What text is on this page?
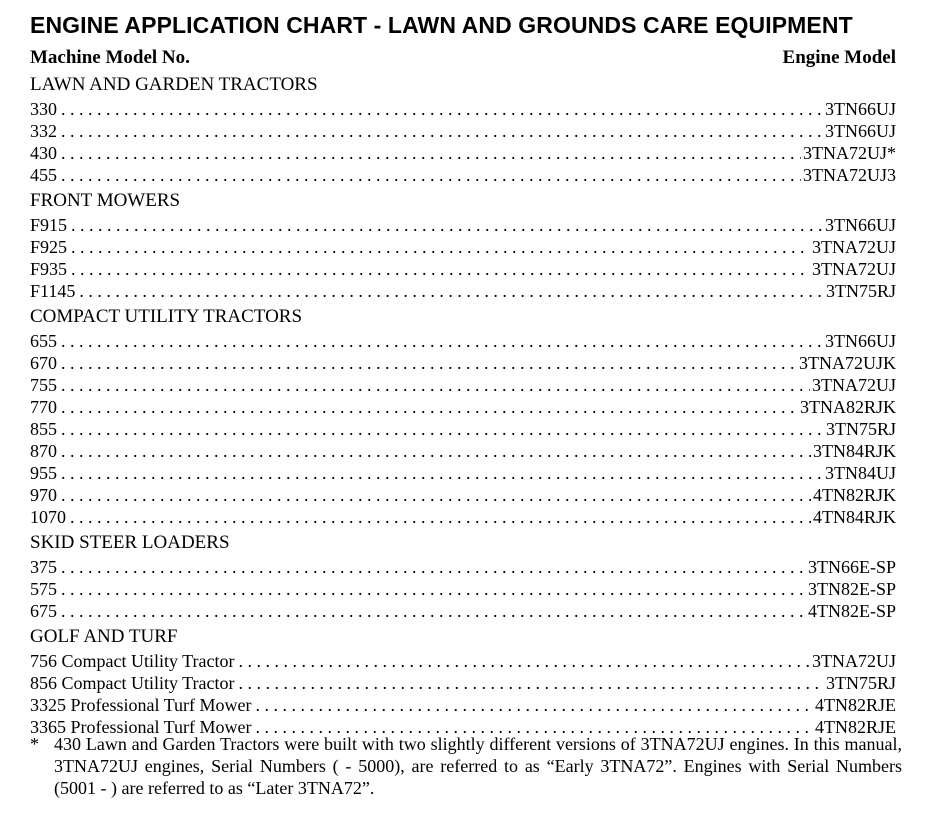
ENGINE APPLICATION CHART - LAWN AND GROUNDS CARE EQUIPMENT
Machine Model No.	Engine Model
LAWN AND GARDEN TRACTORS
330 . . .	3TN66UJ
332 . . .	3TN66UJ
430 . . .	3TNA72UJ*
455 . . .	3TNA72UJ3
FRONT MOWERS
F915 . . .	3TN66UJ
F925 . . .	3TNA72UJ
F935 . . .	3TNA72UJ
F1145 . . .	3TN75RJ
COMPACT UTILITY TRACTORS
655 . . .	3TN66UJ
670 . . .	3TNA72UJK
755 . . .	3TNA72UJ
770 . . .	3TNA82RJK
855 . . .	3TN75RJ
870 . . .	3TN84RJK
955 . . .	3TN84UJ
970 . . .	4TN82RJK
1070 . . .	4TN84RJK
SKID STEER LOADERS
375 . . .	3TN66E-SP
575 . . .	3TN82E-SP
675 . . .	4TN82E-SP
GOLF AND TURF
756 Compact Utility Tractor . . .	3TNA72UJ
856 Compact Utility Tractor . . .	3TN75RJ
3325 Professional Turf Mower . . .	4TN82RJE
3365 Professional Turf Mower . . .	4TN82RJE
* 430 Lawn and Garden Tractors were built with two slightly different versions of 3TNA72UJ engines. In this manual, 3TNA72UJ engines, Serial Numbers ( - 5000), are referred to as “Early 3TNA72”. Engines with Serial Numbers (5001 - ) are referred to as “Later 3TNA72”.
